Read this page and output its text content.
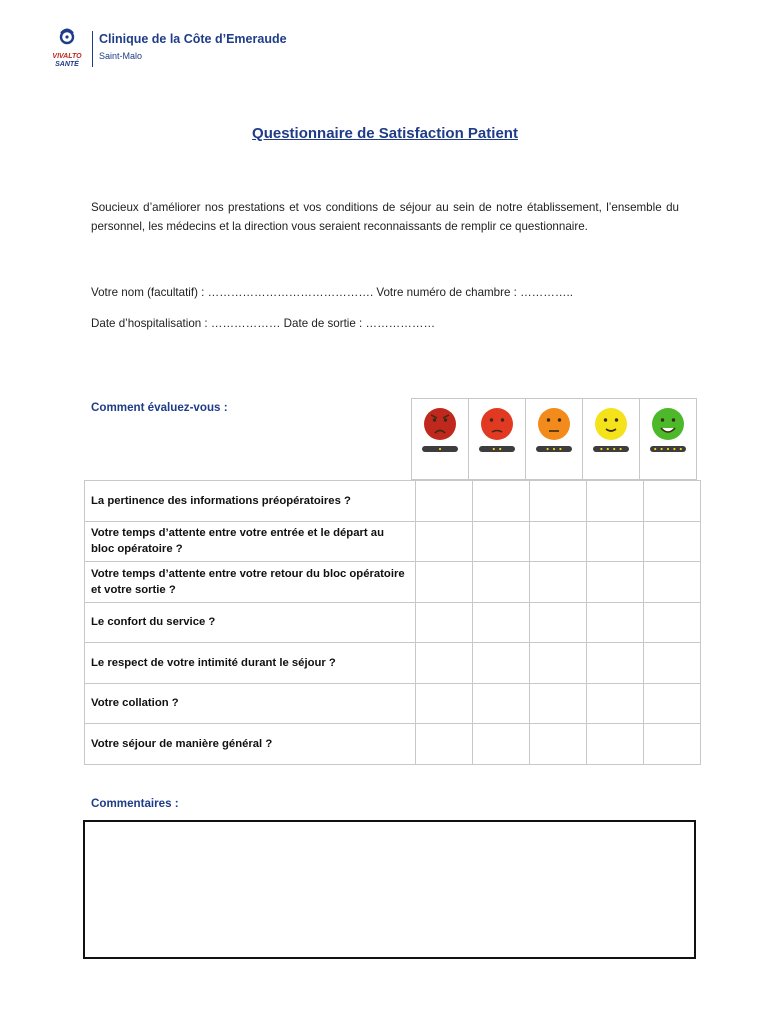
VIVALTO
SANTÉ
Clinique de la Côte d’Emeraude
Saint-Malo
Questionnaire de Satisfaction Patient

Soucieux d’améliorer nos prestations et vos conditions de séjour au sein de notre établissement, l’ensemble du personnel, les médecins et la direction vous seraient reconnaissants de remplir ce questionnaire.

Votre nom (facultatif) : ……………………………………. Votre numéro de chambre : …………..

Date d’hospitalisation : ……………… Date de sortie : ………………

Comment évaluez-vous :

La pertinence des informations préopératoires ?					
Votre temps d’attente entre votre entrée et le départ au bloc opératoire ?					
Votre temps d’attente entre votre retour du bloc opératoire et votre sortie ?					
Le confort du service ?					
Le respect de votre intimité durant le séjour ?					
Votre collation ?					
Votre séjour de manière général ?					
Commentaires :
